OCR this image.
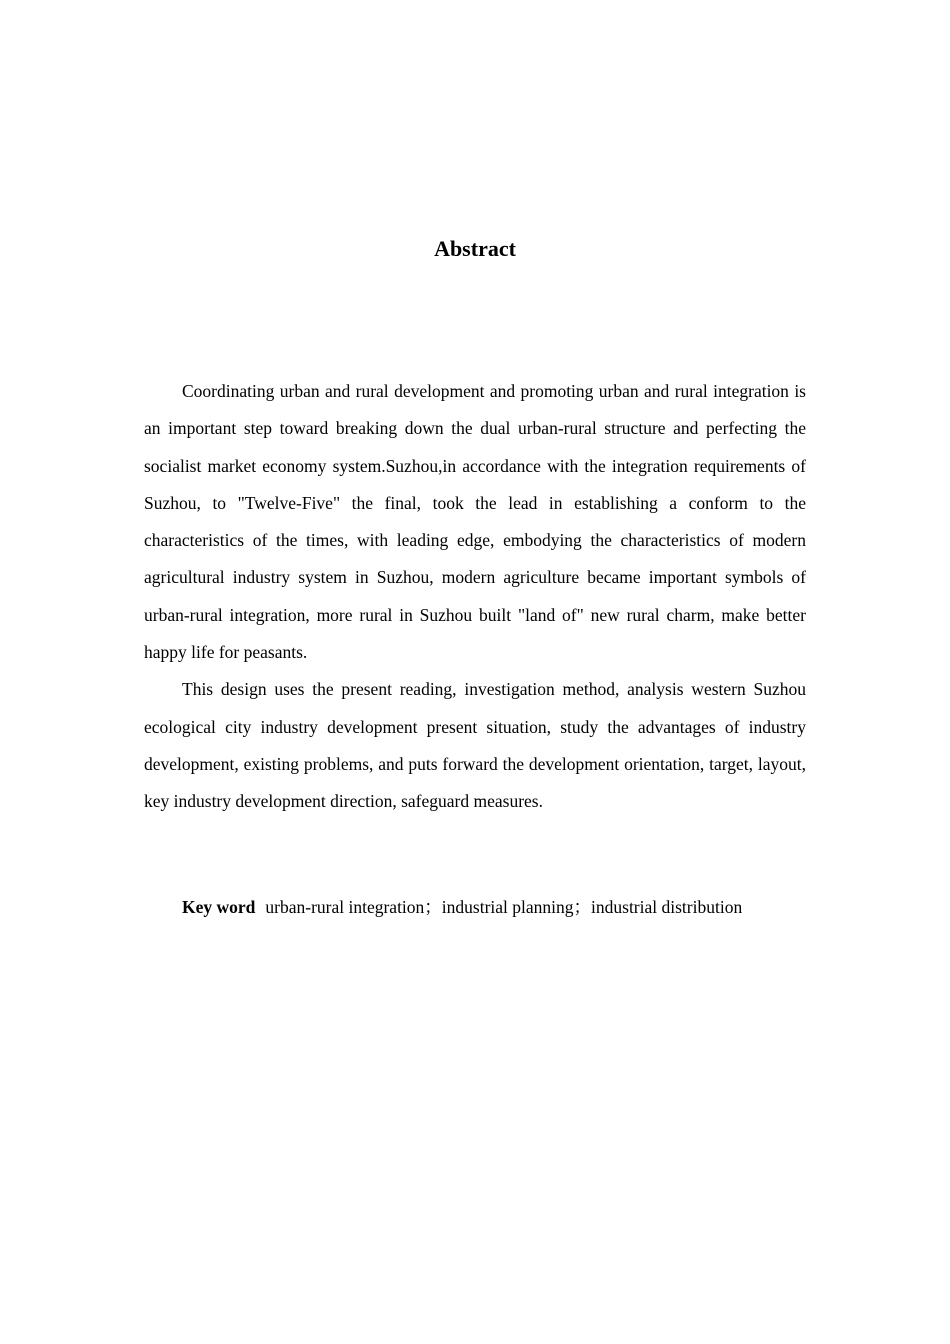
Abstract

Coordinating urban and rural development and promoting urban and rural integration is an important step toward breaking down the dual urban-rural structure and perfecting the socialist market economy system.Suzhou,in accordance with the integration requirements of Suzhou, to "Twelve-Five" the final, took the lead in establishing a conform to the characteristics of the times, with leading edge, embodying the characteristics of modern agricultural industry system in Suzhou, modern agriculture became important symbols of urban-rural integration, more rural in Suzhou built "land of" new rural charm, make better happy life for peasants.

This design uses the present reading, investigation method, analysis western Suzhou ecological city industry development present situation, study the advantages of industry development, existing problems, and puts forward the development orientation, target, layout, key industry development direction, safeguard measures.

Key word urban-rural integration；industrial planning；industrial distribution
